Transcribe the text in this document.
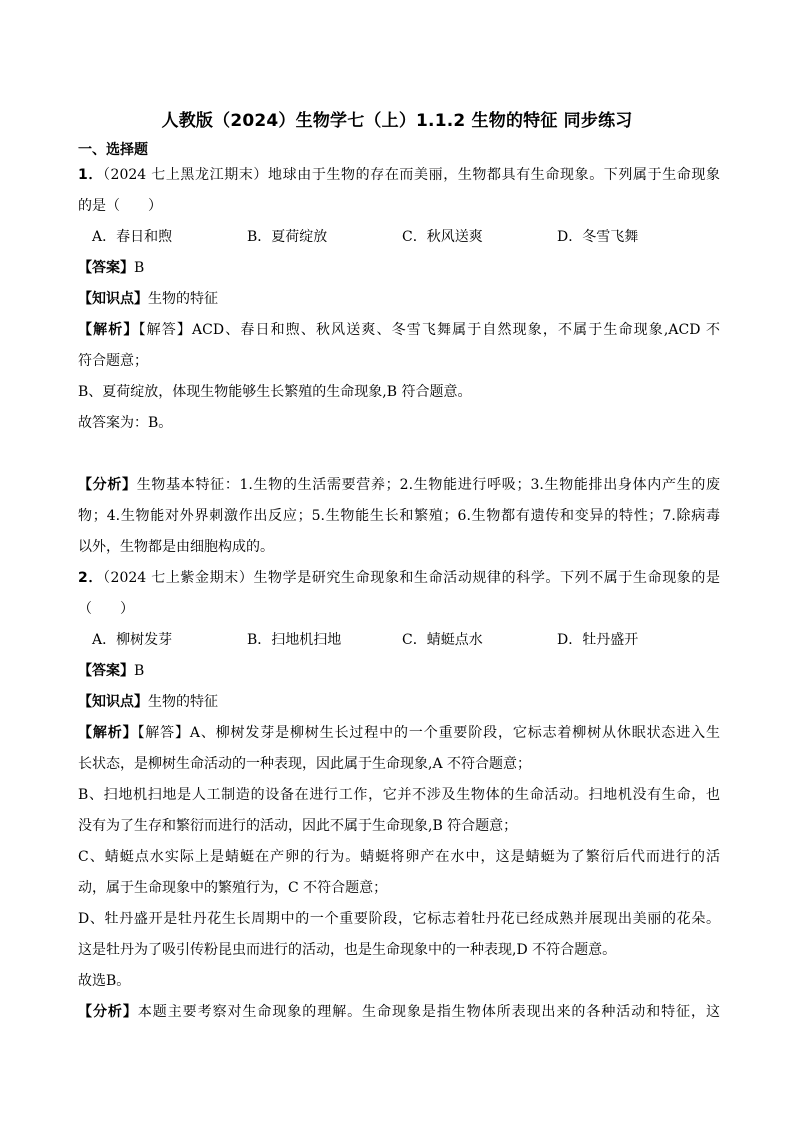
人教版（2024）生物学七（上）1.1.2 生物的特征 同步练习
一、选择题
1．（2024 七上黑龙江期末）地球由于生物的存在而美丽，生物都具有生命现象。下列属于生命现象
的是（　　）
A．春日和煦	B．夏荷绽放	C．秋风送爽	D．冬雪飞舞
【答案】B
【知识点】生物的特征
【解析】【解答】ACD、春日和煦、秋风送爽、冬雪飞舞属于自然现象，不属于生命现象,ACD 不
符合题意；
B、夏荷绽放，体现生物能够生长繁殖的生命现象,B 符合题意。
故答案为：B。
【分析】生物基本特征：1.生物的生活需要营养；2.生物能进行呼吸；3.生物能排出身体内产生的废
物；4.生物能对外界刺激作出反应；5.生物能生长和繁殖；6.生物都有遗传和变异的特性；7.除病毒
以外，生物都是由细胞构成的。
2．（2024 七上紫金期末）生物学是研究生命现象和生命活动规律的科学。下列不属于生命现象的是
（　　）
A．柳树发芽	B．扫地机扫地	C．蜻蜓点水	D．牡丹盛开
【答案】B
【知识点】生物的特征
【解析】【解答】A、柳树发芽是柳树生长过程中的一个重要阶段，它标志着柳树从休眠状态进入生
长状态，是柳树生命活动的一种表现，因此属于生命现象,A 不符合题意；
B、扫地机扫地是人工制造的设备在进行工作，它并不涉及生物体的生命活动。扫地机没有生命，也
没有为了生存和繁衍而进行的活动，因此不属于生命现象,B 符合题意；
C、蜻蜓点水实际上是蜻蜓在产卵的行为。蜻蜓将卵产在水中，这是蜻蜓为了繁衍后代而进行的活
动，属于生命现象中的繁殖行为，C 不符合题意；
D、牡丹盛开是牡丹花生长周期中的一个重要阶段，它标志着牡丹花已经成熟并展现出美丽的花朵。
这是牡丹为了吸引传粉昆虫而进行的活动，也是生命现象中的一种表现,D 不符合题意。
故选B。
【分析】本题主要考察对生命现象的理解。生命现象是指生物体所表现出来的各种活动和特征，这
